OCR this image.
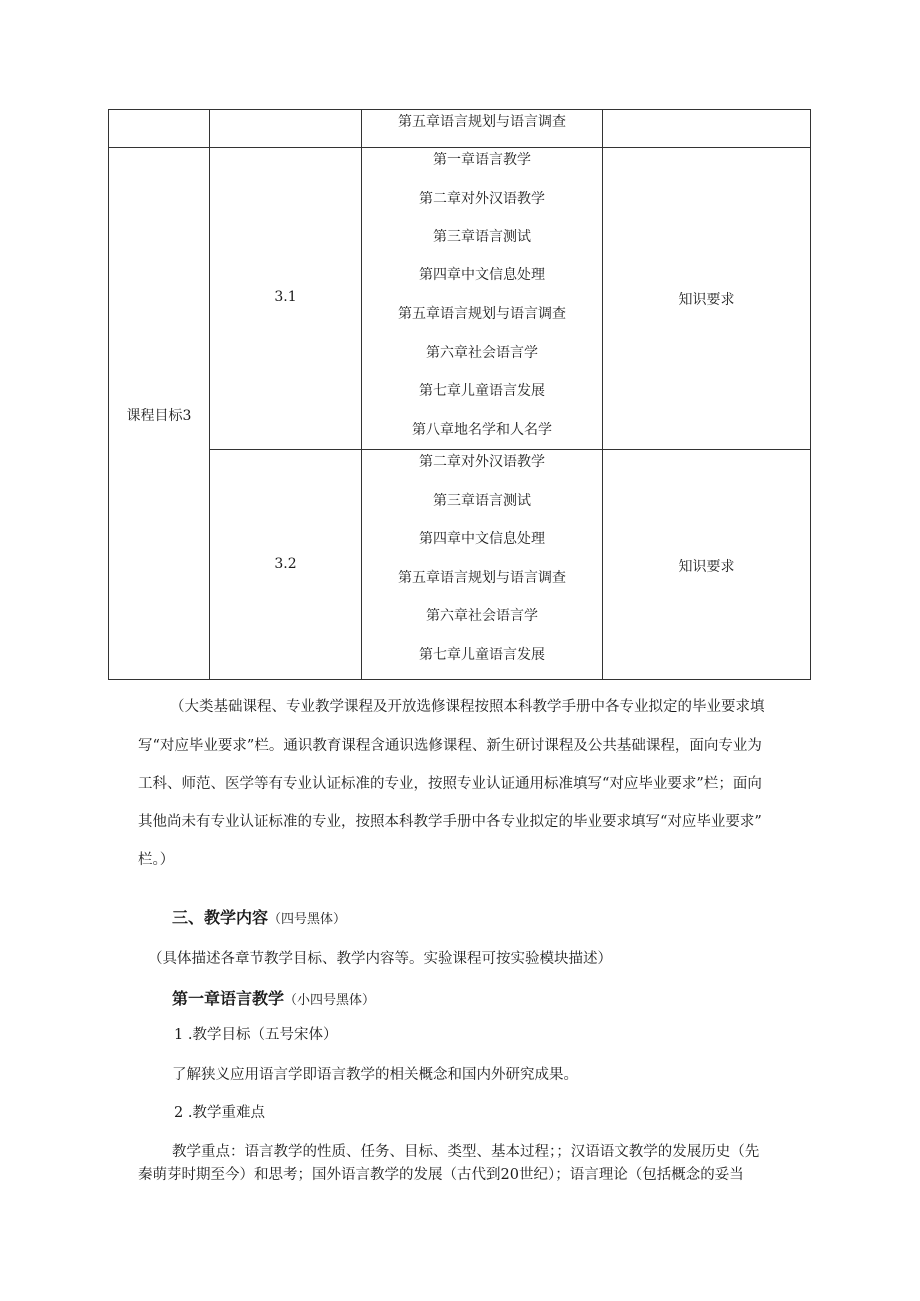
第五章语言规划与语言调查
课程目标3
3.1
第一章语言教学
第二章对外汉语教学
第三章语言测试
第四章中文信息处理
第五章语言规划与语言调查
第六章社会语言学
第七章儿童语言发展
第八章地名学和人名学
知识要求
3.2
第二章对外汉语教学
第三章语言测试
第四章中文信息处理
第五章语言规划与语言调查
第六章社会语言学
第七章儿童语言发展
知识要求
（大类基础课程、专业教学课程及开放选修课程按照本科教学手册中各专业拟定的毕业要求填
写“对应毕业要求”栏。通识教育课程含通识选修课程、新生研讨课程及公共基础课程，面向专业为
工科、师范、医学等有专业认证标准的专业，按照专业认证通用标准填写“对应毕业要求”栏；面向
其他尚未有专业认证标准的专业，按照本科教学手册中各专业拟定的毕业要求填写“对应毕业要求”
栏。）
三、教学内容（四号黑体）
（具体描述各章节教学目标、教学内容等。实验课程可按实验模块描述）
第一章语言教学（小四号黑体）
1 .教学目标（五号宋体）
了解狭义应用语言学即语言教学的相关概念和国内外研究成果。
2 .教学重难点
教学重点：语言教学的性质、任务、目标、类型、基本过程；；汉语语文教学的发展历史（先
秦萌芽时期至今）和思考；国外语言教学的发展（古代到20世纪）；语言理论（包括概念的妥当
